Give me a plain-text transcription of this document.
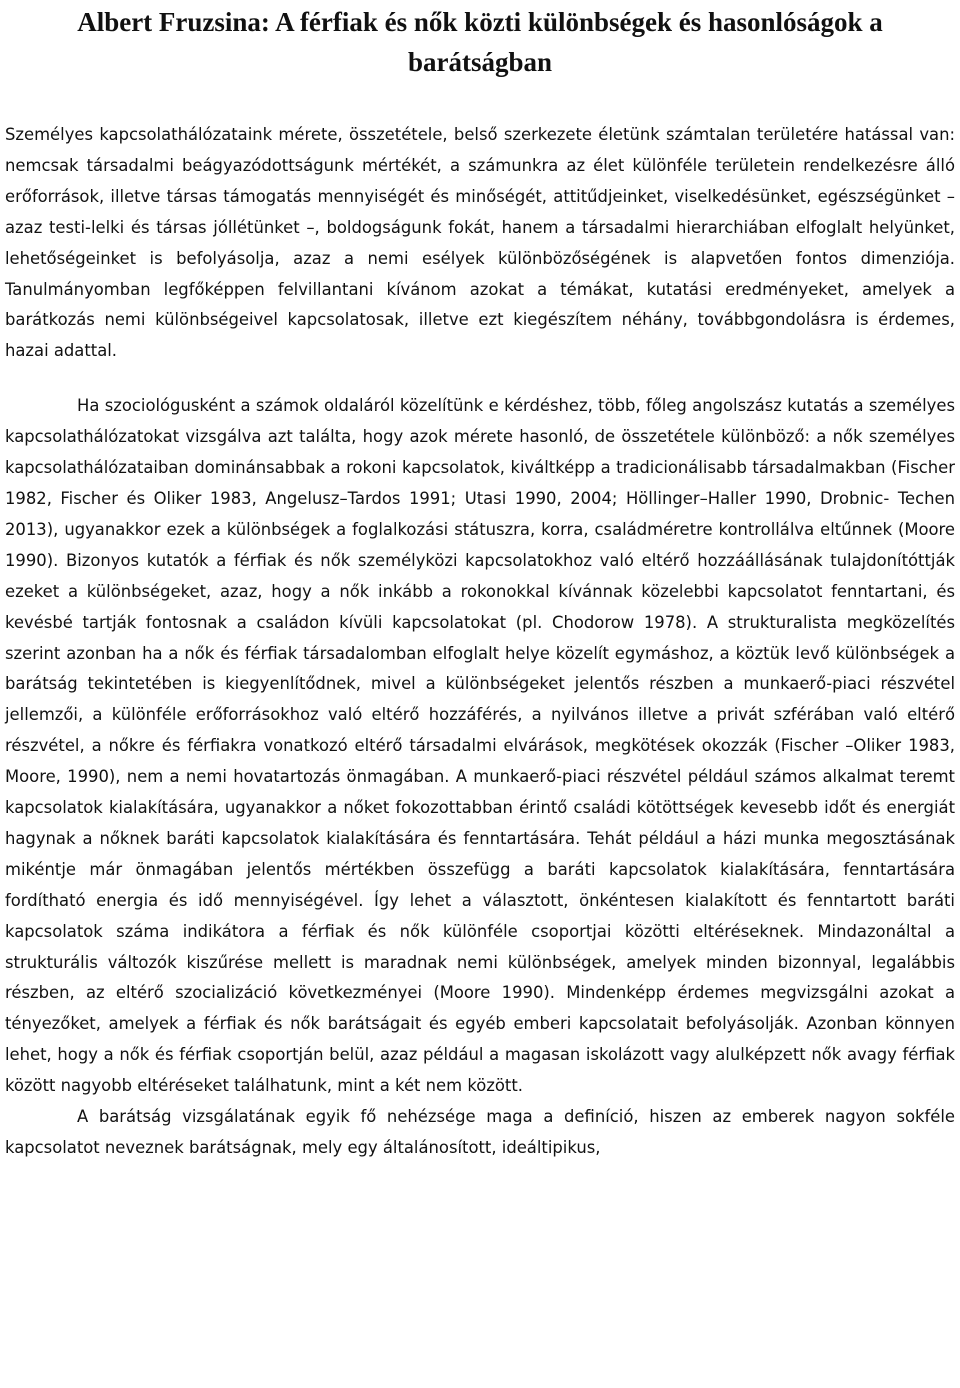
Albert Fruzsina: A férfiak és nők közti különbségek és hasonlóságok a barátságban

Személyes kapcsolathálózataink mérete, összetétele, belső szerkezete életünk számtalan területére hatással van: nemcsak társadalmi beágyazódottságunk mértékét, a számunkra az élet különféle területein rendelkezésre álló erőforrások, illetve társas támogatás mennyiségét és minőségét, attitűdjeinket, viselkedésünket, egészségünket – azaz testi-lelki és társas jóllétünket –, boldogságunk fokát, hanem a társadalmi hierarchiában elfoglalt helyünket, lehetőségeinket is befolyásolja, azaz a nemi esélyek különbözőségének is alapvetően fontos dimenziója. Tanulmányomban legfőképpen felvillantani kívánom azokat a témákat, kutatási eredményeket, amelyek a barátkozás nemi különbségeivel kapcsolatosak, illetve ezt kiegészítem néhány, továbbgondolásra is érdemes, hazai adattal.

Ha szociológusként a számok oldaláról közelítünk e kérdéshez, több, főleg angolszász kutatás a személyes kapcsolathálózatokat vizsgálva azt találta, hogy azok mérete hasonló, de összetétele különböző: a nők személyes kapcsolathálózataiban dominánsabbak a rokoni kapcsolatok, kiváltképp a tradicionálisabb társadalmakban (Fischer 1982, Fischer és Oliker 1983, Angelusz–Tardos 1991; Utasi 1990, 2004; Höllinger–Haller 1990, Drobnic- Techen 2013), ugyanakkor ezek a különbségek a foglalkozási státuszra, korra, családméretre kontrollálva eltűnnek (Moore 1990). Bizonyos kutatók a férfiak és nők személyközi kapcsolatokhoz való eltérő hozzáállásának tulajdonítóttják ezeket a különbségeket, azaz, hogy a nők inkább a rokonokkal kívánnak közelebbi kapcsolatot fenntartani, és kevésbé tartják fontosnak a családon kívüli kapcsolatokat (pl. Chodorow 1978). A strukturalista megközelítés szerint azonban ha a nők és férfiak társadalomban elfoglalt helye közelít egymáshoz, a köztük levő különbségek a barátság tekintetében is kiegyenlítődnek, mivel a különbségeket jelentős részben a munkaerő-piaci részvétel jellemzői, a különféle erőforrásokhoz való eltérő hozzáférés, a nyilvános illetve a privát szférában való eltérő részvétel, a nőkre és férfiakra vonatkozó eltérő társadalmi elvárások, megkötések okozzák (Fischer –Oliker 1983, Moore, 1990), nem a nemi hovatartozás önmagában. A munkaerő-piaci részvétel például számos alkalmat teremt kapcsolatok kialakítására, ugyanakkor a nőket fokozottabban érintő családi kötöttségek kevesebb időt és energiát hagynak a nőknek baráti kapcsolatok kialakítására és fenntartására. Tehát például a házi munka megosztásának mikéntje már önmagában jelentős mértékben összefügg a baráti kapcsolatok kialakítására, fenntartására fordítható energia és idő mennyiségével. Így lehet a választott, önkéntesen kialakított és fenntartott baráti kapcsolatok száma indikátora a férfiak és nők különféle csoportjai közötti eltéréseknek. Mindazonáltal a strukturális változók kiszűrése mellett is maradnak nemi különbségek, amelyek minden bizonnyal, legalábbis részben, az eltérő szocializáció következményei (Moore 1990). Mindenképp érdemes megvizsgálni azokat a tényezőket, amelyek a férfiak és nők barátságait és egyéb emberi kapcsolatait befolyásolják. Azonban könnyen lehet, hogy a nők és férfiak csoportján belül, azaz például a magasan iskolázott vagy alulképzett nők avagy férfiak között nagyobb eltéréseket találhatunk, mint a két nem között.

A barátság vizsgálatának egyik fő nehézsége maga a definíció, hiszen az emberek nagyon sokféle kapcsolatot neveznek barátságnak, mely egy általánosított, ideáltipikus,
